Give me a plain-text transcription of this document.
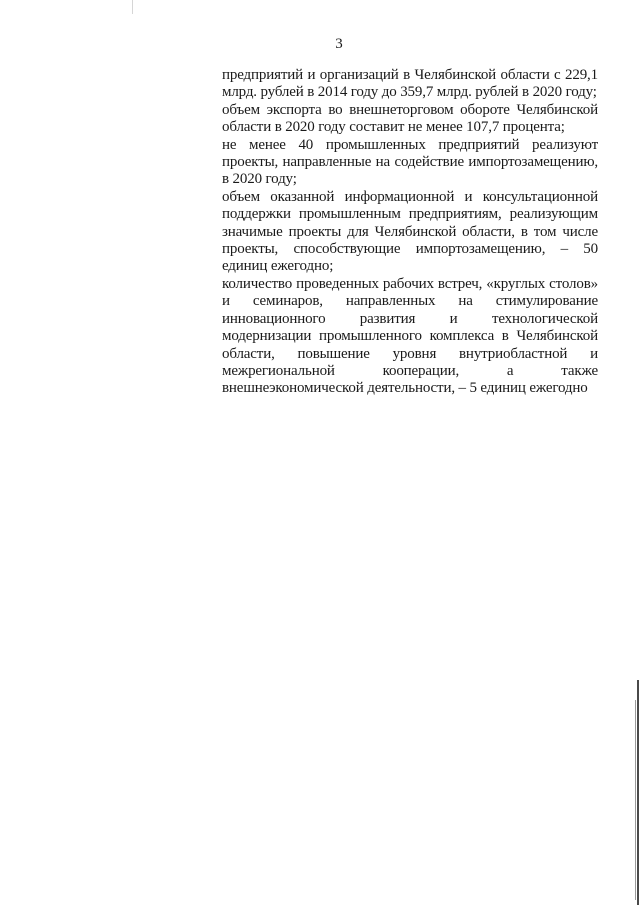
3

предприятий и организаций в Челябинской области с 229,1 млрд. рублей в 2014 году до 359,7 млрд. рублей в 2020 году;

объем экспорта во внешнеторговом обороте Челябинской области в 2020 году составит не менее 107,7 процента;

не менее 40 промышленных предприятий реализуют проекты, направленные на содействие импортозамещению, в 2020 году;

объем оказанной информационной и консультационной поддержки промышленным предприятиям, реализующим значимые проекты для Челябинской области, в том числе проекты, способствующие импортозамещению, – 50 единиц ежегодно;

количество проведенных рабочих встреч, «круглых столов» и семинаров, направленных на стимулирование инновационного развития и технологической модернизации промышленного комплекса в Челябинской области, повышение уровня внутриобластной и межрегиональной кооперации, а также внешнеэкономической деятельности, – 5 единиц ежегодно
